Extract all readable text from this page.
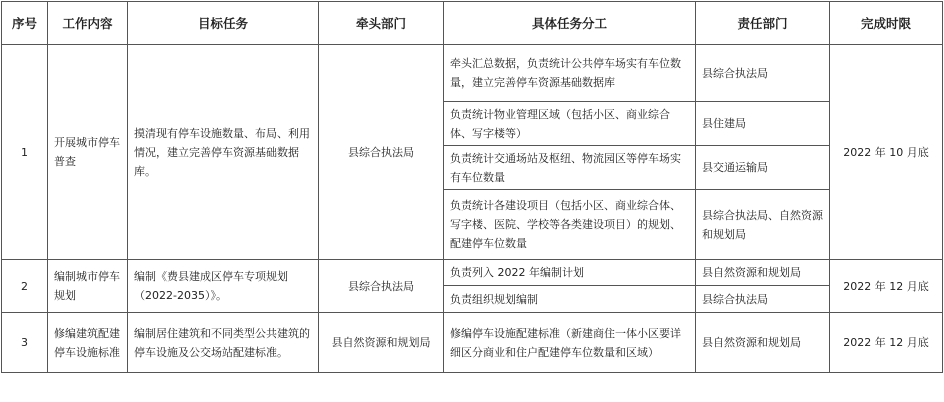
序号	工作内容	目标任务	牵头部门	具体任务分工	责任部门	完成时限
1	开展城市停车普查	摸清现有停车设施数量、布局、利用情况，建立完善停车资源基础数据库。	县综合执法局	牵头汇总数据，负责统计公共停车场实有车位数量，建立完善停车资源基础数据库	县综合执法局	2022 年 10 月底
				负责统计物业管理区域（包括小区、商业综合体、写字楼等）	县住建局	
				负责统计交通场站及枢纽、物流园区等停车场实有车位数量	县交通运输局	
				负责统计各建设项目（包括小区、商业综合体、写字楼、医院、学校等各类建设项目）的规划、配建停车位数量	县综合执法局、自然资源和规划局	
2	编制城市停车规划	编制《费县建成区停车专项规划（2022-2035）》。	县综合执法局	负责列入 2022 年编制计划	县自然资源和规划局	2022 年 12 月底
				负责组织规划编制	县综合执法局	
3	修编建筑配建停车设施标准	编制居住建筑和不同类型公共建筑的停车设施及公交场站配建标准。	县自然资源和规划局	修编停车设施配建标准（新建商住一体小区要详细区分商业和住户配建停车位数量和区域）	县自然资源和规划局	2022 年 12 月底
